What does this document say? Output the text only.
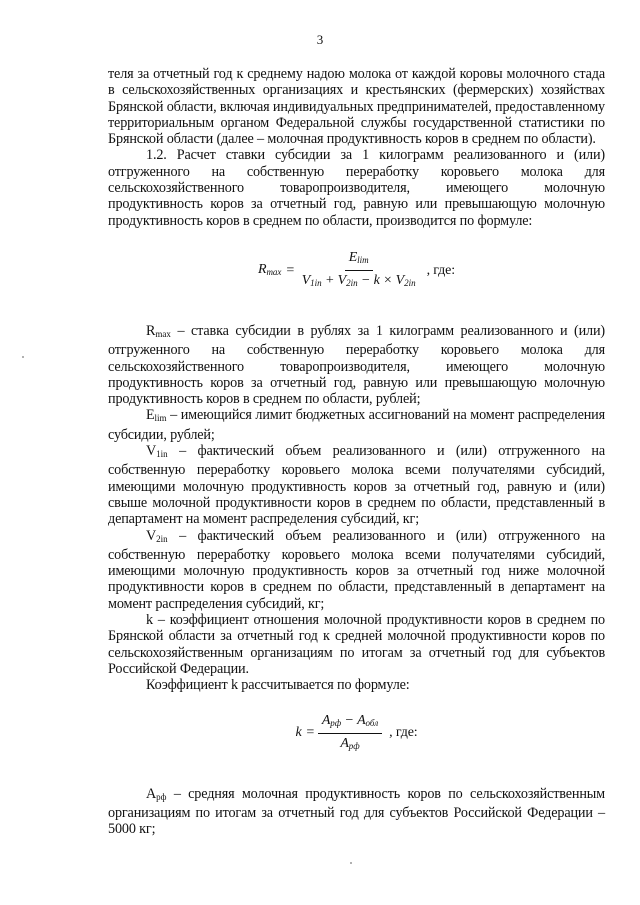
3

теля за отчетный год к среднему надою молока от каждой коровы молочного стада в сельскохозяйственных организациях и крестьянских (фермерских) хозяйствах Брянской области, включая индивидуальных предпринимателей, предоставленному территориальным органом Федеральной службы государственной статистики по Брянской области (далее – молочная продуктивность коров в среднем по области).

1.2. Расчет ставки субсидии за 1 килограмм реализованного и (или) отгруженного на собственную переработку коровьего молока для сельскохозяйственного товаропроизводителя, имеющего молочную продуктивность коров за отчетный год, равную или превышающую молочную продуктивность коров в среднем по области, производится по формуле:

$R_{max} = \frac{E_{lim}}{V_{1in} + V_{2in} - k \times V_{2in}}$ , где:

$R_{max}$ – ставка субсидии в рублях за 1 килограмм реализованного и (или) отгруженного на собственную переработку коровьего молока для сельскохозяйственного товаропроизводителя, имеющего молочную продуктивность коров за отчетный год, равную или превышающую молочную продуктивность коров в среднем по области, рублей;

$E_{lim}$ – имеющийся лимит бюджетных ассигнований на момент распределения субсидии, рублей;

$V_{1in}$ – фактический объем реализованного и (или) отгруженного на собственную переработку коровьего молока всеми получателями субсидий, имеющими молочную продуктивность коров за отчетный год, равную и (или) свыше молочной продуктивности коров в среднем по области, представленный в департамент на момент распределения субсидий, кг;

$V_{2in}$ – фактический объем реализованного и (или) отгруженного на собственную переработку коровьего молока всеми получателями субсидий, имеющими молочную продуктивность коров за отчетный год ниже молочной продуктивности коров в среднем по области, представленный в департамент на момент распределения субсидий, кг;

k – коэффициент отношения молочной продуктивности коров в среднем по Брянской области за отчетный год к средней молочной продуктивности коров по сельскохозяйственным организациям по итогам за отчетный год для субъектов Российской Федерации.

Коэффициент k рассчитывается по формуле:

$k = \frac{A_{рф} - A_{обл}}{A_{рф}}$ , где:

$А_{рф}$ – средняя молочная продуктивность коров по сельскохозяйственным организациям по итогам за отчетный год для субъектов Российской Федерации – 5000 кг;
